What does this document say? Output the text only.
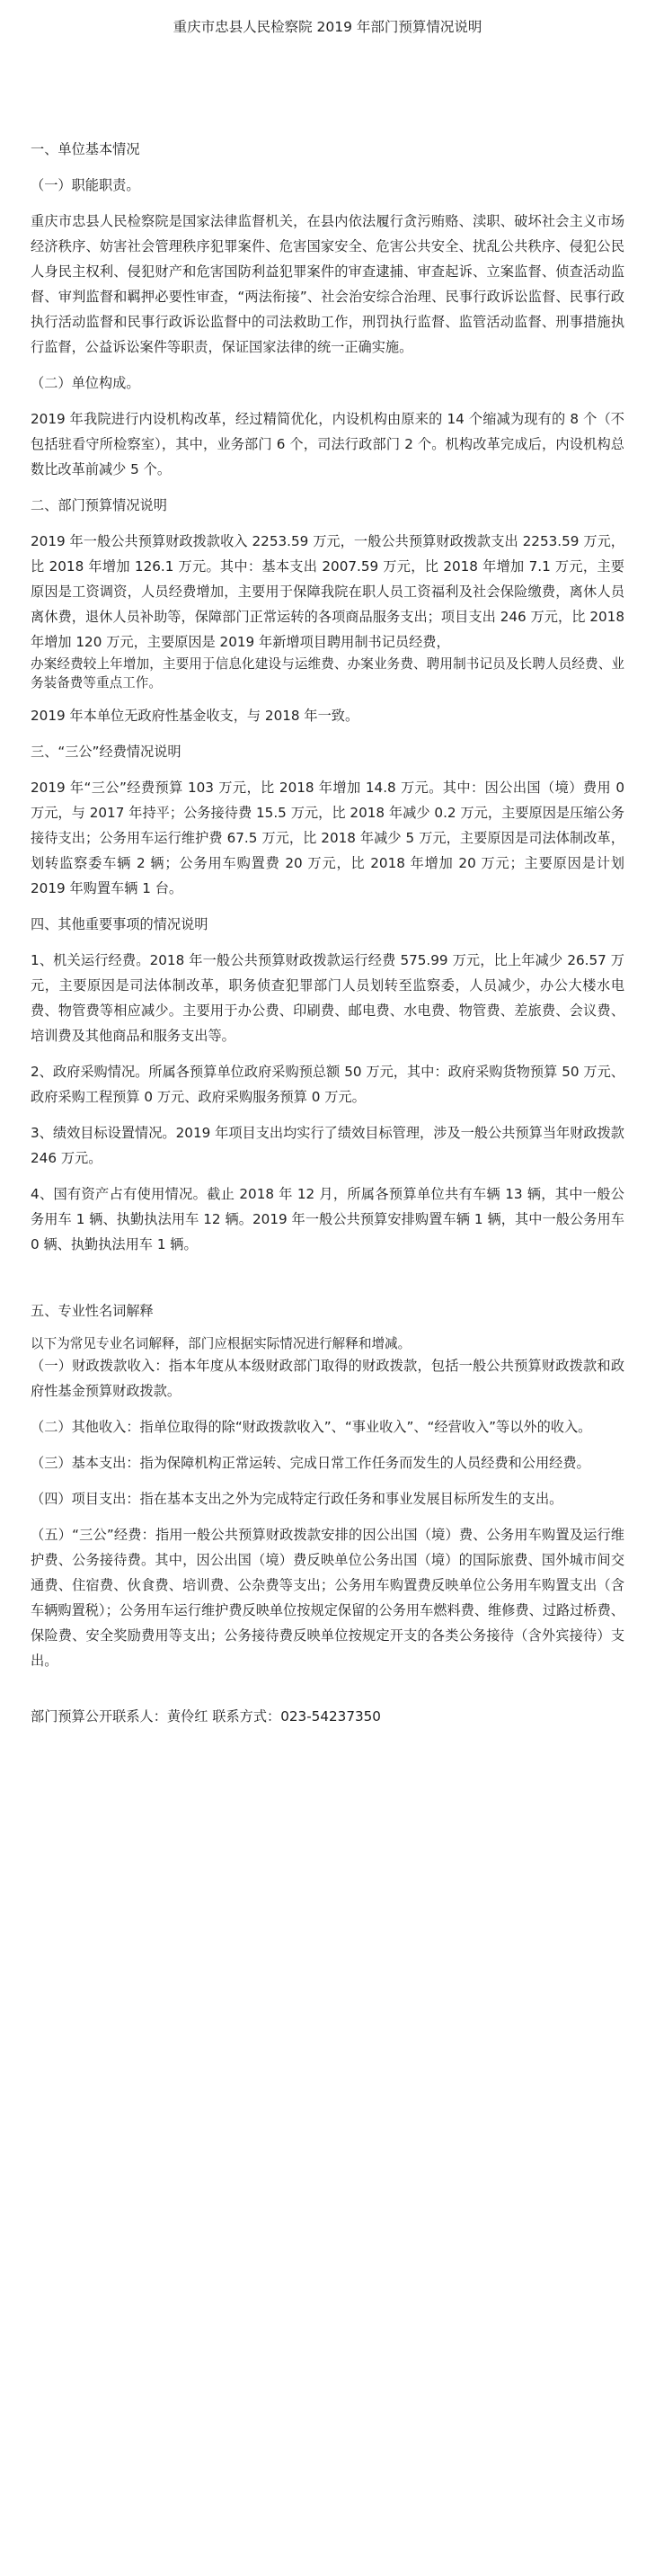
重庆市忠县人民检察院 2019 年部门预算情况说明
一、单位基本情况
（一）职能职责。

重庆市忠县人民检察院是国家法律监督机关，在县内依法履行贪污贿赂、渎职、破坏社会主义市场经济秩序、妨害社会管理秩序犯罪案件、危害国家安全、危害公共安全、扰乱公共秩序、侵犯公民人身民主权利、侵犯财产和危害国防利益犯罪案件的审查逮捕、审查起诉、立案监督、侦查活动监督、审判监督和羁押必要性审查，“两法衔接”、社会治安综合治理、民事行政诉讼监督、民事行政执行活动监督和民事行政诉讼监督中的司法救助工作，刑罚执行监督、监管活动监督、刑事措施执行监督，公益诉讼案件等职责，保证国家法律的统一正确实施。

（二）单位构成。

2019 年我院进行内设机构改革，经过精简优化，内设机构由原来的 14 个缩减为现有的 8 个（不包括驻看守所检察室），其中，业务部门 6 个，司法行政部门 2 个。机构改革完成后，内设机构总数比改革前减少 5 个。

二、部门预算情况说明

2019 年一般公共预算财政拨款收入 2253.59 万元，一般公共预算财政拨款支出 2253.59 万元，比 2018 年增加 126.1 万元。其中：基本支出 2007.59 万元，比 2018 年增加 7.1 万元，主要原因是工资调资，人员经费增加，主要用于保障我院在职人员工资福利及社会保险缴费，离休人员离休费，退休人员补助等，保障部门正常运转的各项商品服务支出；项目支出 246 万元，比 2018 年增加 120 万元，主要原因是 2019 年新增项目聘用制书记员经费，

办案经费较上年增加，主要用于信息化建设与运维费、办案业务费、聘用制书记员及长聘人员经费、业务装备费等重点工作。

2019 年本单位无政府性基金收支，与 2018 年一致。

三、“三公”经费情况说明

2019 年“三公”经费预算 103 万元，比 2018 年增加 14.8 万元。其中：因公出国（境）费用 0 万元，与 2017 年持平；公务接待费 15.5 万元，比 2018 年减少 0.2 万元，主要原因是压缩公务接待支出；公务用车运行维护费 67.5 万元，比 2018 年减少 5 万元，主要原因是司法体制改革，划转监察委车辆 2 辆；公务用车购置费 20 万元，比 2018 年增加 20 万元；主要原因是计划 2019 年购置车辆 1 台。

四、其他重要事项的情况说明

1、机关运行经费。2018 年一般公共预算财政拨款运行经费 575.99 万元，比上年减少 26.57 万元，主要原因是司法体制改革，职务侦查犯罪部门人员划转至监察委，人员减少，办公大楼水电费、物管费等相应减少。主要用于办公费、印刷费、邮电费、水电费、物管费、差旅费、会议费、培训费及其他商品和服务支出等。

2、政府采购情况。所属各预算单位政府采购预总额 50 万元，其中：政府采购货物预算 50 万元、政府采购工程预算 0 万元、政府采购服务预算 0 万元。

3、绩效目标设置情况。2019 年项目支出均实行了绩效目标管理，涉及一般公共预算当年财政拨款 246 万元。

4、国有资产占有使用情况。截止 2018 年 12 月，所属各预算单位共有车辆 13 辆，其中一般公务用车 1 辆、执勤执法用车 12 辆。2019 年一般公共预算安排购置车辆 1 辆，其中一般公务用车 0 辆、执勤执法用车 1 辆。

五、专业性名词解释

以下为常见专业名词解释，部门应根据实际情况进行解释和增减。

（一）财政拨款收入：指本年度从本级财政部门取得的财政拨款，包括一般公共预算财政拨款和政府性基金预算财政拨款。

（二）其他收入：指单位取得的除“财政拨款收入”、“事业收入”、“经营收入”等以外的收入。

（三）基本支出：指为保障机构正常运转、完成日常工作任务而发生的人员经费和公用经费。

（四）项目支出：指在基本支出之外为完成特定行政任务和事业发展目标所发生的支出。

（五）“三公”经费：指用一般公共预算财政拨款安排的因公出国（境）费、公务用车购置及运行维护费、公务接待费。其中，因公出国（境）费反映单位公务出国（境）的国际旅费、国外城市间交通费、住宿费、伙食费、培训费、公杂费等支出；公务用车购置费反映单位公务用车购置支出（含车辆购置税）；公务用车运行维护费反映单位按规定保留的公务用车燃料费、维修费、过路过桥费、保险费、安全奖励费用等支出；公务接待费反映单位按规定开支的各类公务接待（含外宾接待）支出。

部门预算公开联系人：黄伶红 联系方式：023-54237350
